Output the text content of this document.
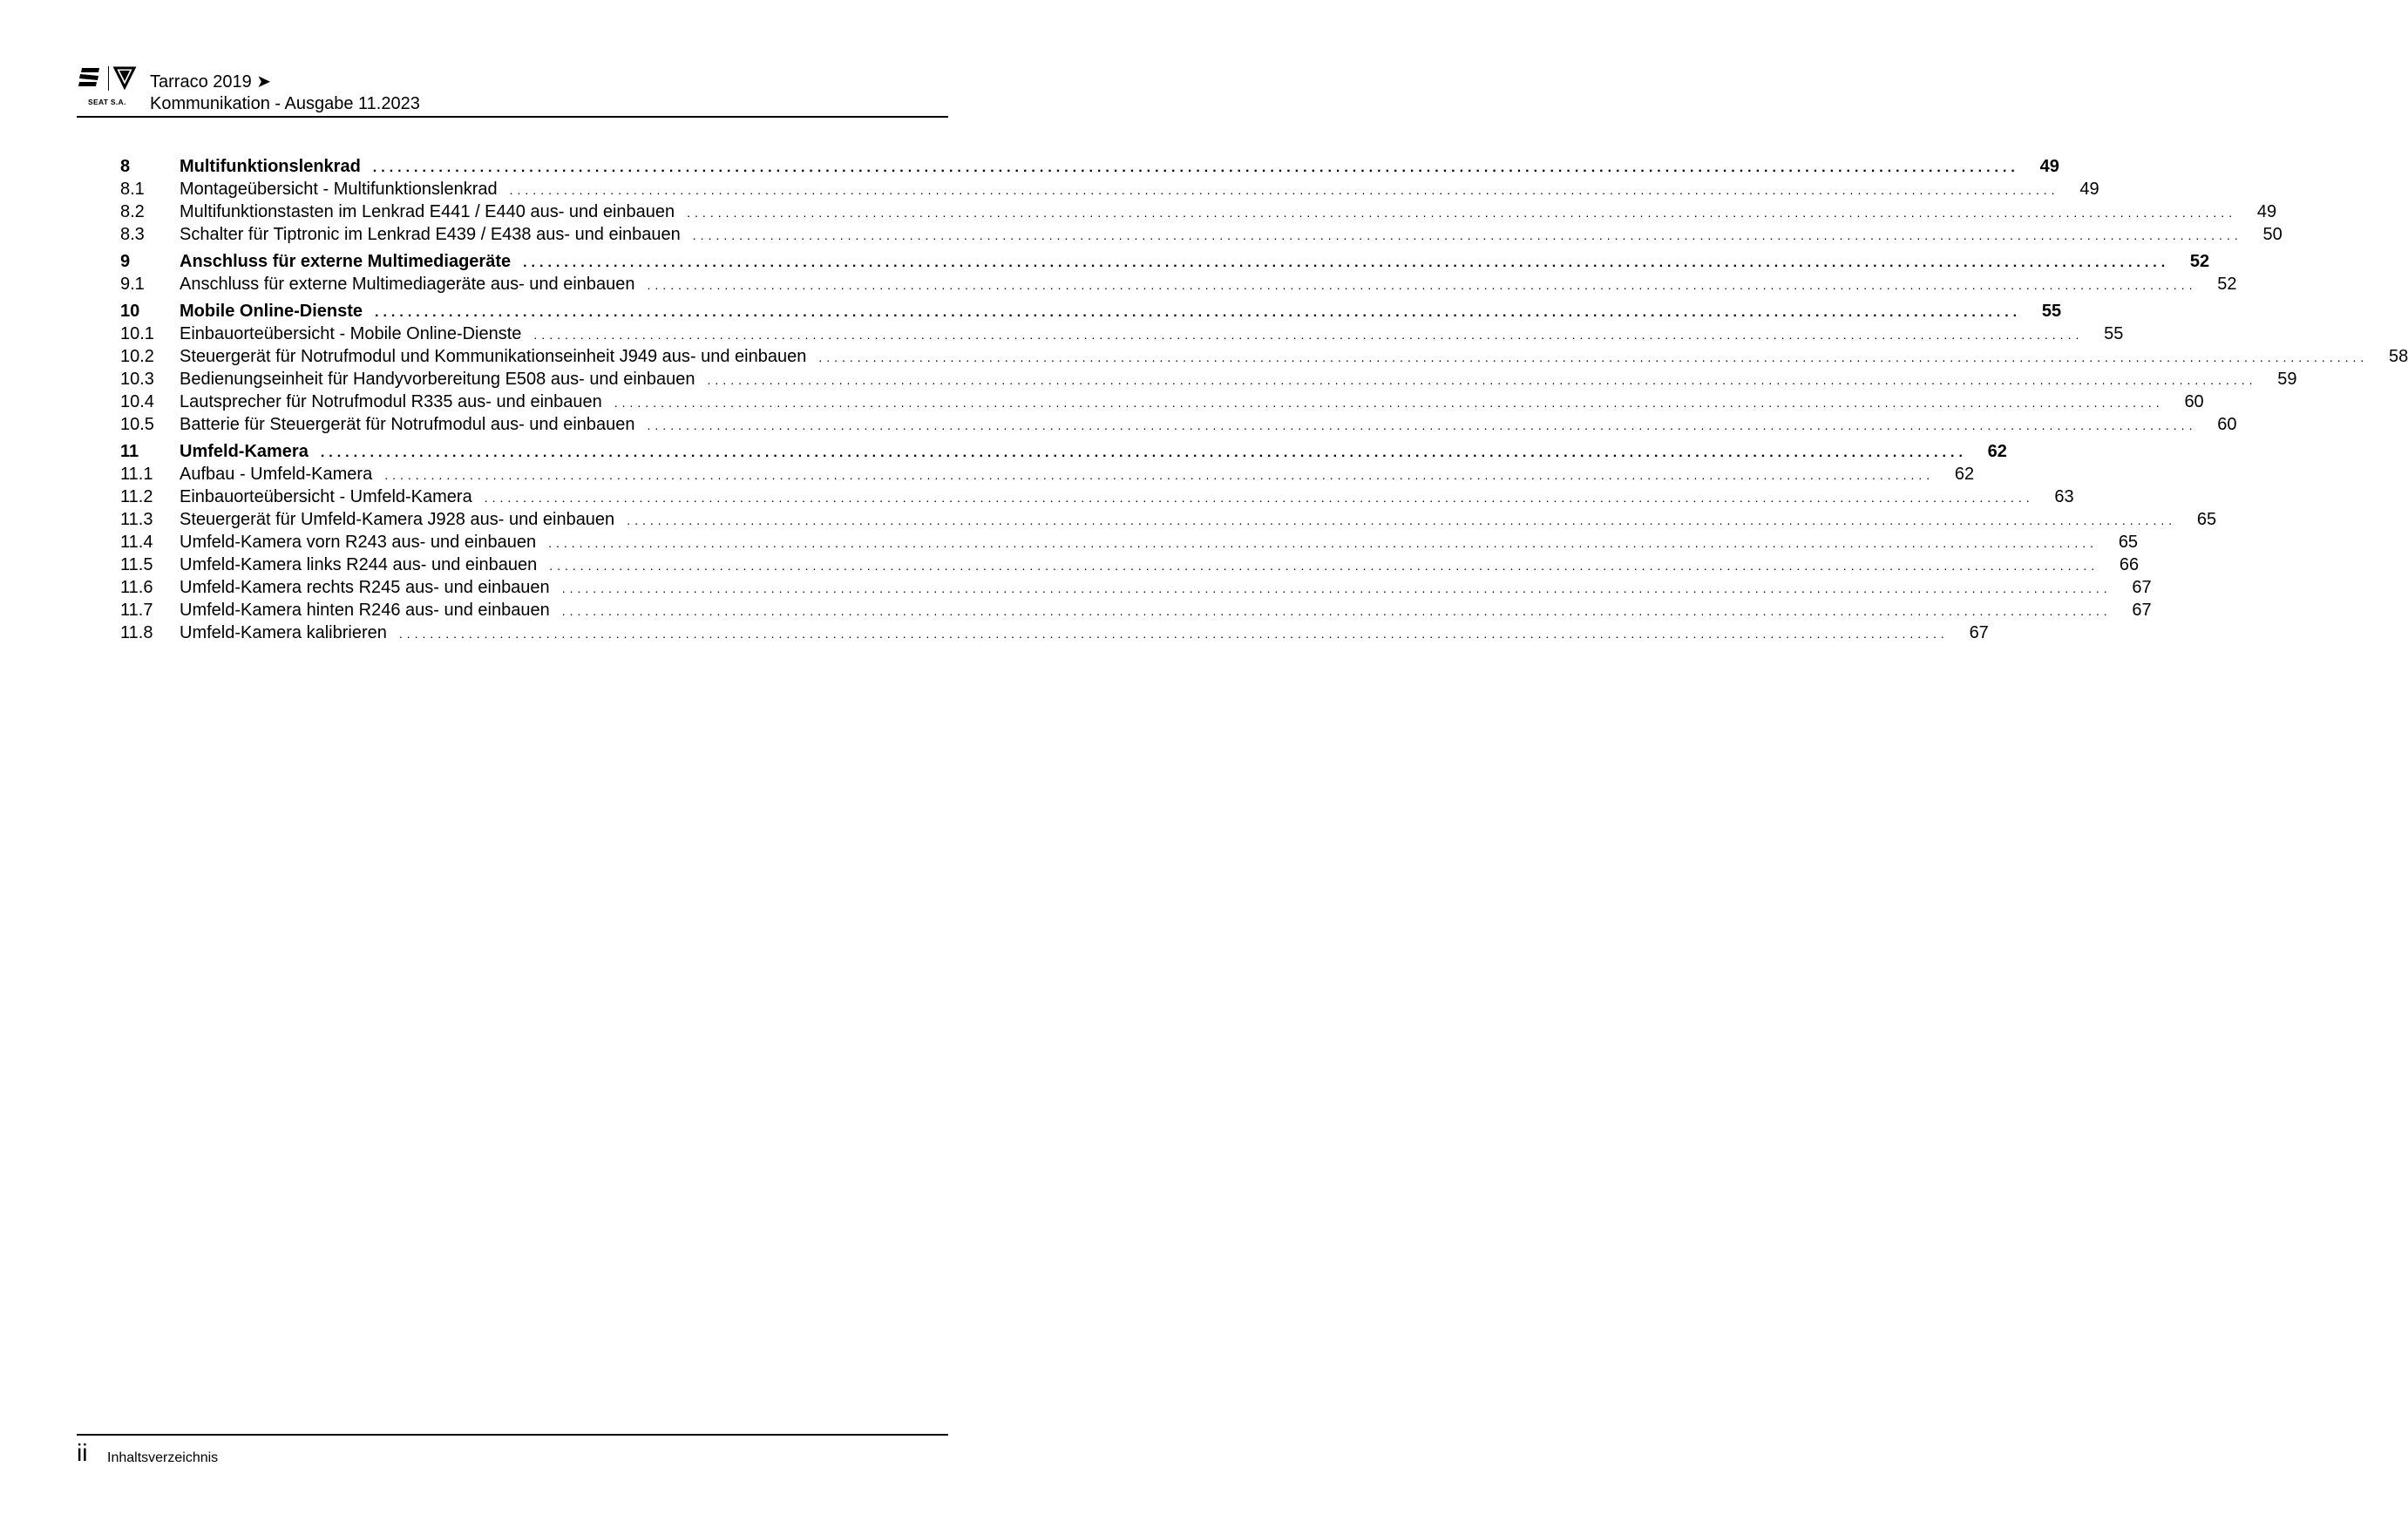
SEAT S.A.
Tarraco 2019 ➤
Kommunikation - Ausgabe 11.2023
8	Multifunktionslenkrad ........................................................................................................................................................................................................	49
8.1	Montageübersicht - Multifunktionslenkrad	........................................................................................................................................................................................................	49
8.2	Multifunktionstasten im Lenkrad E441 / E440 aus- und einbauen	........................................................................................................................................................................................................	49
8.3	Schalter für Tiptronic im Lenkrad E439 / E438 aus- und einbauen	........................................................................................................................................................................................................	50
9	Anschluss für externe Multimediageräte ........................................................................................................................................................................................................	52
9.1	Anschluss für externe Multimediageräte aus- und einbauen	........................................................................................................................................................................................................	52
10	Mobile Online-Dienste ........................................................................................................................................................................................................	55
10.1	Einbauorteübersicht - Mobile Online-Dienste	........................................................................................................................................................................................................	55
10.2	Steuergerät für Notrufmodul und Kommunikationseinheit J949 aus- und einbauen	........................................................................................................................................................................................................	58
10.3	Bedienungseinheit für Handyvorbereitung E508 aus- und einbauen	........................................................................................................................................................................................................	59
10.4	Lautsprecher für Notrufmodul R335 aus- und einbauen	........................................................................................................................................................................................................	60
10.5	Batterie für Steuergerät für Notrufmodul aus- und einbauen	........................................................................................................................................................................................................	60
11	Umfeld-Kamera ........................................................................................................................................................................................................	62
11.1	Aufbau - Umfeld-Kamera	........................................................................................................................................................................................................	62
11.2	Einbauorteübersicht - Umfeld-Kamera	........................................................................................................................................................................................................	63
11.3	Steuergerät für Umfeld-Kamera J928 aus- und einbauen	........................................................................................................................................................................................................	65
11.4	Umfeld-Kamera vorn R243 aus- und einbauen	........................................................................................................................................................................................................	65
11.5	Umfeld-Kamera links R244 aus- und einbauen	........................................................................................................................................................................................................	66
11.6	Umfeld-Kamera rechts R245 aus- und einbauen	........................................................................................................................................................................................................	67
11.7	Umfeld-Kamera hinten R246 aus- und einbauen	........................................................................................................................................................................................................	67
11.8	Umfeld-Kamera kalibrieren	........................................................................................................................................................................................................	67
ii Inhaltsverzeichnis
